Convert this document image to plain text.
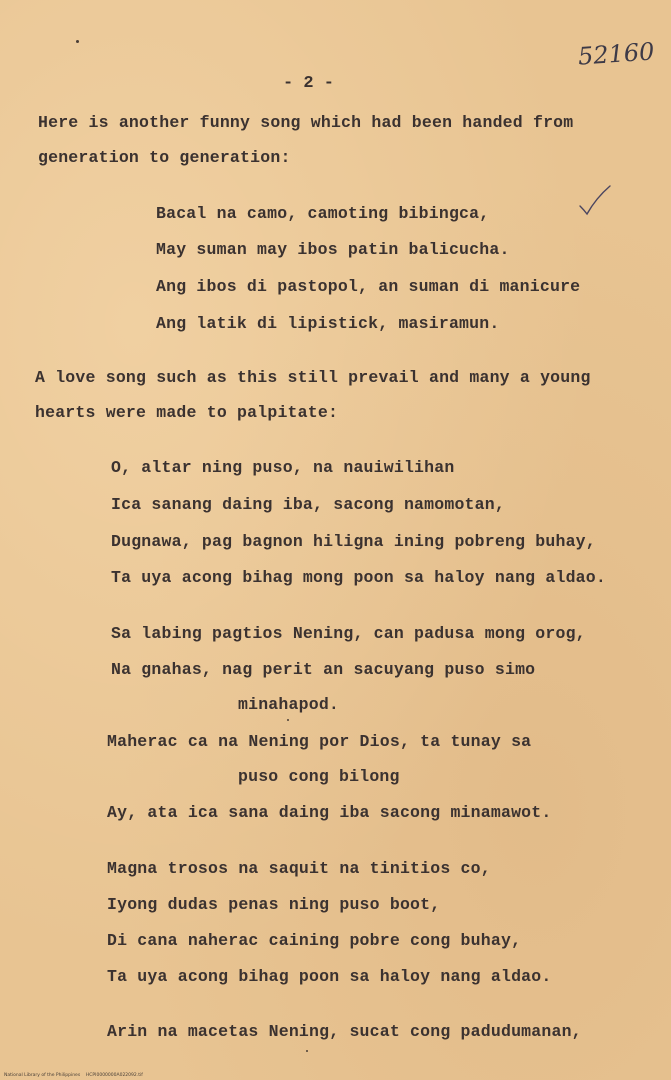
52160
- 2 -
Here is another funny song which had been handed from
generation to generation:
Bacal na camo, camoting bibingca,
May suman may ibos patin balicucha.
Ang ibos di pastopol, an suman di manicure
Ang latik di lipistick, masiramun.
A love song such as this still prevail and many a young
hearts were made to palpitate:
O, altar ning puso, na nauiwilihan
Ica sanang daing iba, sacong namomotan,
Dugnawa, pag bagnon hiligna ining pobreng buhay,
Ta uya acong bihag mong poon sa haloy nang aldao.
Sa labing pagtios Nening, can padusa mong orog,
Na gnahas, nag perit an sacuyang puso simo
minahapod.
Maherac ca na Nening por Dios, ta tunay sa
puso cong bilong
Ay, ata ica sana daing iba sacong minamawot.
Magna trosos na saquit na tinitios co,
Iyong dudas penas ning puso boot,
Di cana naherac caining pobre cong buhay,
Ta uya acong bihag poon sa haloy nang aldao.
Arin na macetas Nening, sucat cong padudumanan,
National Library of the Philippines    HCPI0000000A022092.tif
